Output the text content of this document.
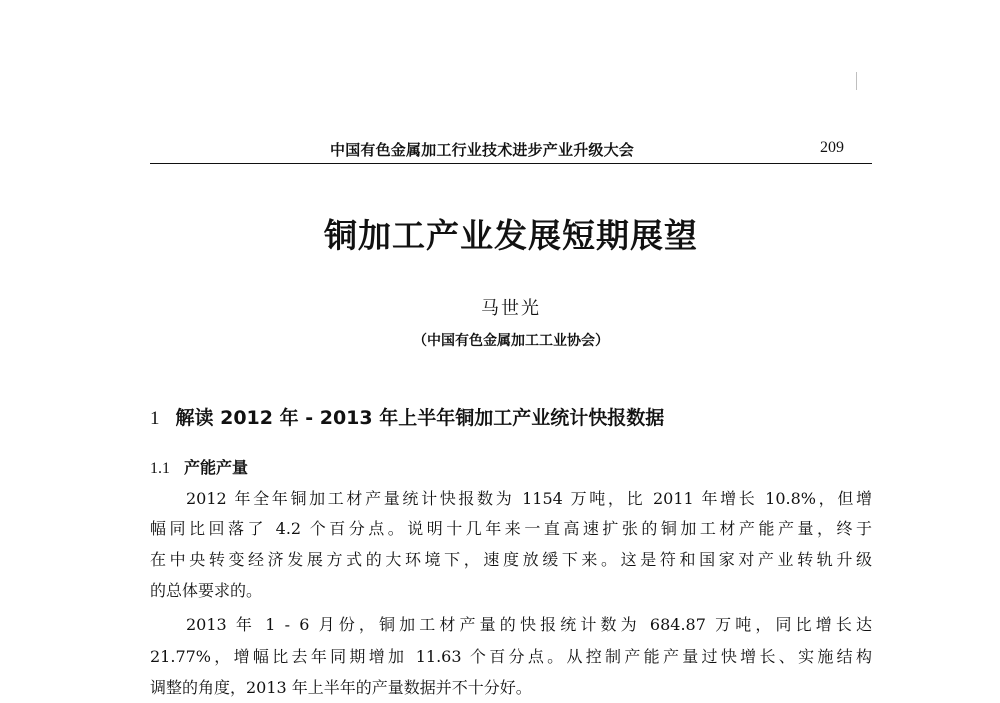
中国有色金属加工行业技术进步产业升级大会	209
铜加工产业发展短期展望
马世光
（中国有色金属加工工业协会）
1 解读 2012 年 - 2013 年上半年铜加工产业统计快报数据
1.1 产能产量
2012 年全年铜加工材产量统计快报数为 1154 万吨，比 2011 年增长 10.8%，但增
幅同比回落了 4.2 个百分点。说明十几年来一直高速扩张的铜加工材产能产量，终于
在中央转变经济发展方式的大环境下，速度放缓下来。这是符和国家对产业转轨升级
的总体要求的。
2013 年 1 - 6 月份，铜加工材产量的快报统计数为 684.87 万吨，同比增长达
21.77%，增幅比去年同期增加 11.63 个百分点。从控制产能产量过快增长、实施结构
调整的角度，2013 年上半年的产量数据并不十分好。
